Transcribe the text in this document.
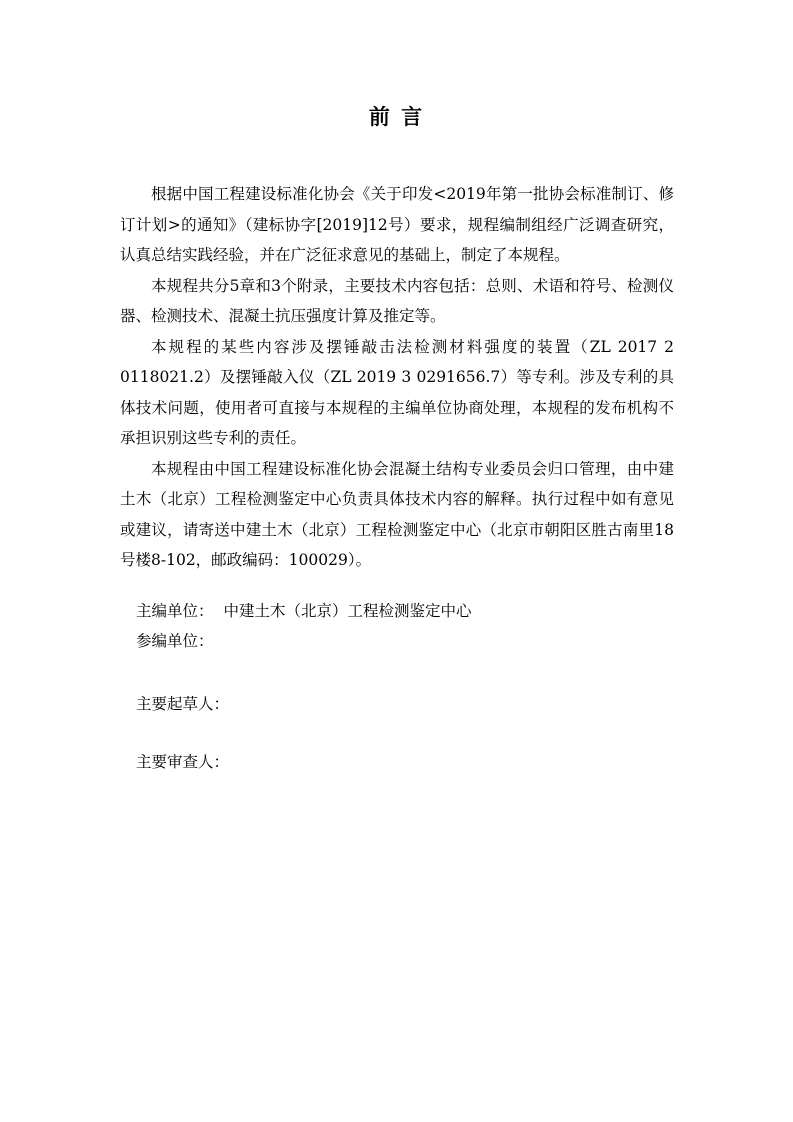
前 言

根据中国工程建设标准化协会《关于印发<2019年第一批协会标准制订、修订计划>的通知》（建标协字[2019]12号）要求，规程编制组经广泛调查研究，认真总结实践经验，并在广泛征求意见的基础上，制定了本规程。

本规程共分5章和3个附录，主要技术内容包括：总则、术语和符号、检测仪器、检测技术、混凝土抗压强度计算及推定等。

本规程的某些内容涉及摆锤敲击法检测材料强度的装置（ZL 2017 2 0118021.2）及摆锤敲入仪（ZL 2019 3 0291656.7）等专利。涉及专利的具体技术问题，使用者可直接与本规程的主编单位协商处理，本规程的发布机构不承担识别这些专利的责任。

本规程由中国工程建设标准化协会混凝土结构专业委员会归口管理，由中建土木（北京）工程检测鉴定中心负责具体技术内容的解释。执行过程中如有意见或建议，请寄送中建土木（北京）工程检测鉴定中心（北京市朝阳区胜古南里18号楼8-102，邮政编码：100029）。

主编单位： 中建土木（北京）工程检测鉴定中心
参编单位：
主要起草人：
主要审查人：
